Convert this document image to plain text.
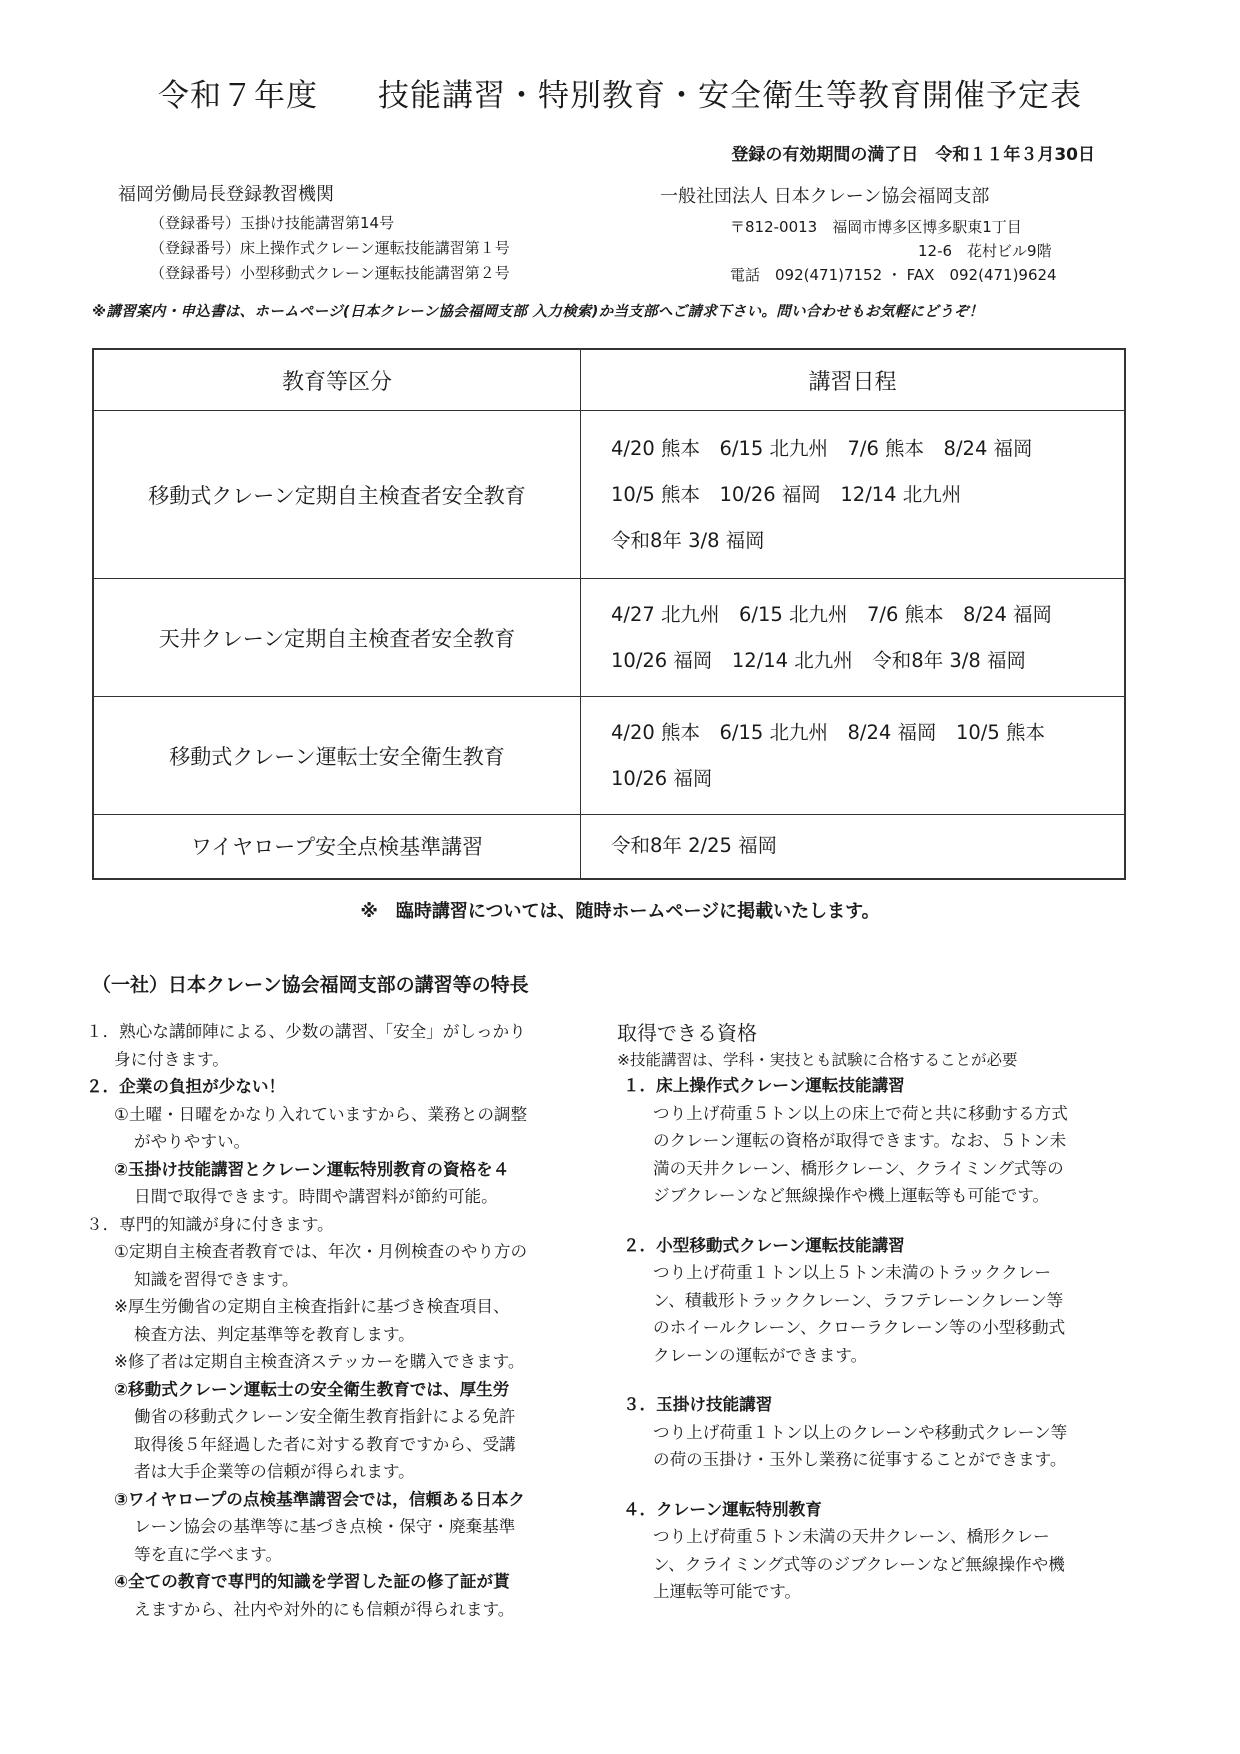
令和７年度 技能講習・特別教育・安全衛生等教育開催予定表
登録の有効期間の満了日　令和１１年３月30日
福岡労働局長登録教習機関
（登録番号）玉掛け技能講習第14号
（登録番号）床上操作式クレーン運転技能講習第１号
（登録番号）小型移動式クレーン運転技能講習第２号
一般社団法人 日本クレーン協会福岡支部
〒812-0013　福岡市博多区博多駅東1丁目
12-6　花村ビル9階
電話　092(471)7152 ・ FAX　092(471)9624
※講習案内・申込書は、ホームページ(日本クレーン協会福岡支部 入力検索)か当支部へご請求下さい。問い合わせもお気軽にどうぞ！
教育等区分	講習日程
移動式クレーン定期自主検査者安全教育	4/20 熊本　6/15 北九州　7/6 熊本　8/24 福岡
10/5 熊本　10/26 福岡　12/14 北九州
令和8年 3/8 福岡

天井クレーン定期自主検査者安全教育	4/27 北九州　6/15 北九州　7/6 熊本　8/24 福岡
10/26 福岡　12/14 北九州　令和8年 3/8 福岡

移動式クレーン運転士安全衛生教育	4/20 熊本　6/15 北九州　8/24 福岡　10/5 熊本
10/26 福岡

ワイヤロープ安全点検基準講習	令和8年 2/25 福岡
※　臨時講習については、随時ホームページに掲載いたします。
（一社）日本クレーン協会福岡支部の講習等の特長

１．熟心な講師陣による、少数の講習、「安全」がしっかり

身に付きます。

２．企業の負担が少ない！

①土曜・日曜をかなり入れていますから、業務との調整

がやりやすい。

②玉掛け技能講習とクレーン運転特別教育の資格を４

日間で取得できます。時間や講習料が節約可能。

３．専門的知識が身に付きます。

①定期自主検査者教育では、年次・月例検査のやり方の

知識を習得できます。

※厚生労働省の定期自主検査指針に基づき検査項目、

検査方法、判定基準等を教育します。

※修了者は定期自主検査済ステッカーを購入できます。

②移動式クレーン運転士の安全衛生教育では、厚生労

働省の移動式クレーン安全衛生教育指針による免許

取得後５年経過した者に対する教育ですから、受講

者は大手企業等の信頼が得られます。

③ワイヤロープの点検基準講習会では，信頼ある日本ク

レーン協会の基準等に基づき点検・保守・廃棄基準

等を直に学べます。

④全ての教育で専門的知識を学習した証の修了証が貰

えますから、社内や対外的にも信頼が得られます。

取得できる資格

※技能講習は、学科・実技とも試験に合格することが必要

１．床上操作式クレーン運転技能講習

つり上げ荷重５トン以上の床上で荷と共に移動する方式

のクレーン運転の資格が取得できます。なお、５トン未

満の天井クレーン、橋形クレーン、クライミング式等の

ジブクレーンなど無線操作や機上運転等も可能です。

２．小型移動式クレーン運転技能講習

つり上げ荷重１トン以上５トン未満のトラッククレー

ン、積載形トラッククレーン、ラフテレーンクレーン等

のホイールクレーン、クローラクレーン等の小型移動式

クレーンの運転ができます。

３．玉掛け技能講習

つり上げ荷重１トン以上のクレーンや移動式クレーン等

の荷の玉掛け・玉外し業務に従事することができます。

４．クレーン運転特別教育

つり上げ荷重５トン未満の天井クレーン、橋形クレー

ン、クライミング式等のジブクレーンなど無線操作や機

上運転等可能です。
